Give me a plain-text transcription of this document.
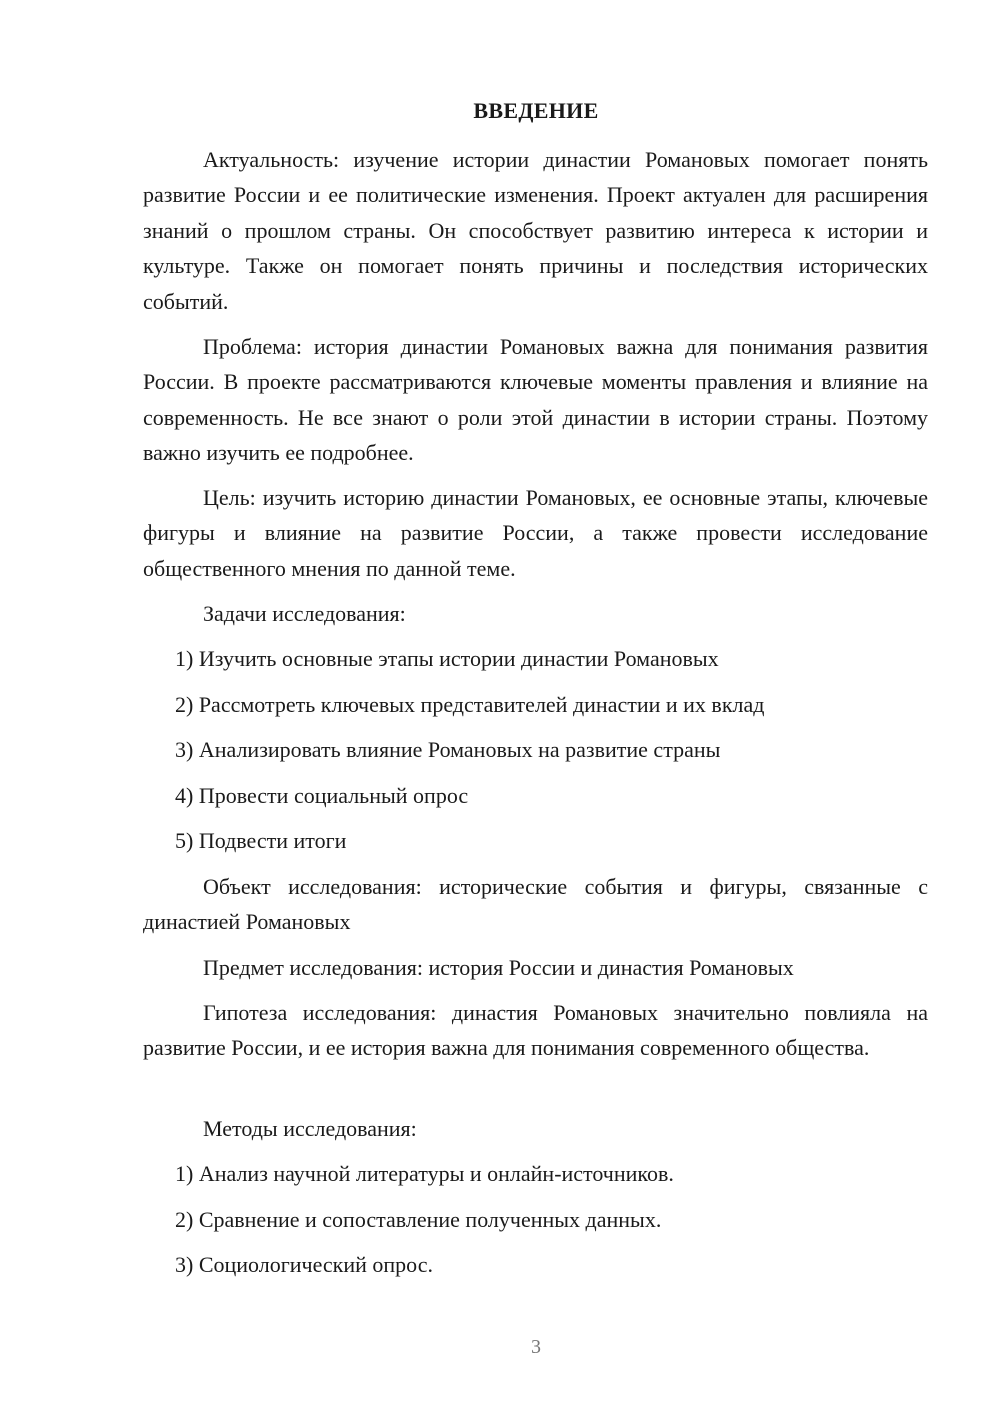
ВВЕДЕНИЕ

Актуальность: изучение истории династии Романовых помогает понять развитие России и ее политические изменения. Проект актуален для расширения знаний о прошлом страны. Он способствует развитию интереса к истории и культуре. Также он помогает понять причины и последствия исторических событий.

Проблема: история династии Романовых важна для понимания развития России. В проекте рассматриваются ключевые моменты правления и влияние на современность. Не все знают о роли этой династии в истории страны. Поэтому важно изучить ее подробнее.

Цель: изучить историю династии Романовых, ее основные этапы, ключевые фигуры и влияние на развитие России, а также провести исследование общественного мнения по данной теме.

Задачи исследования:

1) Изучить основные этапы истории династии Романовых

2) Рассмотреть ключевых представителей династии и их вклад

3) Анализировать влияние Романовых на развитие страны

4) Провести социальный опрос

5) Подвести итоги

Объект исследования: исторические события и фигуры, связанные с династией Романовых

Предмет исследования: история России и династия Романовых

Гипотеза исследования: династия Романовых значительно повлияла на развитие России, и ее история важна для понимания современного общества.

Методы исследования:

1) Анализ научной литературы и онлайн-источников.

2) Сравнение и сопоставление полученных данных.

3) Социологический опрос.

3
